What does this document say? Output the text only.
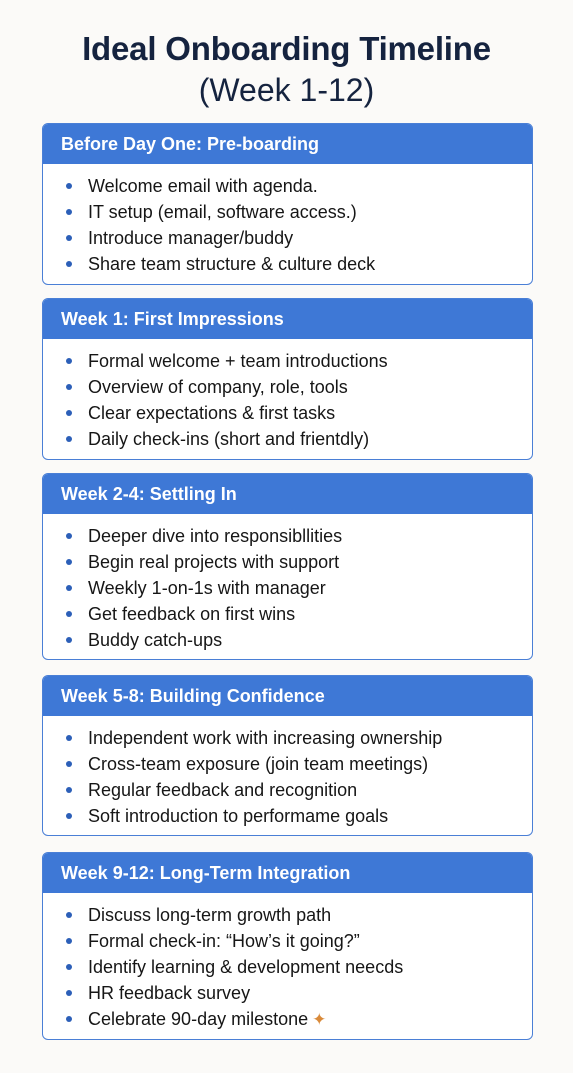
Ideal Onboarding Timeline
(Week 1-12)
Before Day One: Pre-boarding
Welcome email with agenda.
IT setup (email, software access.)
Introduce manager/buddy
Share team structure & culture deck
Week 1: First Impressions
Formal welcome + team introductions
Overview of company, role, tools
Clear expectations & first tasks
Daily check-ins (short and frientdly)
Week 2-4: Settling In
Deeper dive into responsibllities
Begin real projects with support
Weekly 1-on-1s with manager
Get feedback on first wins
Buddy catch-ups
Week 5-8: Building Confidence
Independent work with increasing ownership
Cross-team exposure (join team meetings)
Regular feedback and recognition
Soft introduction to performame goals
Week 9-12: Long-Term Integration
Discuss long-term growth path
Formal check-in: “How’s it going?”
Identify learning & development neecds
HR feedback survey
Celebrate 90-day milestone ✦
